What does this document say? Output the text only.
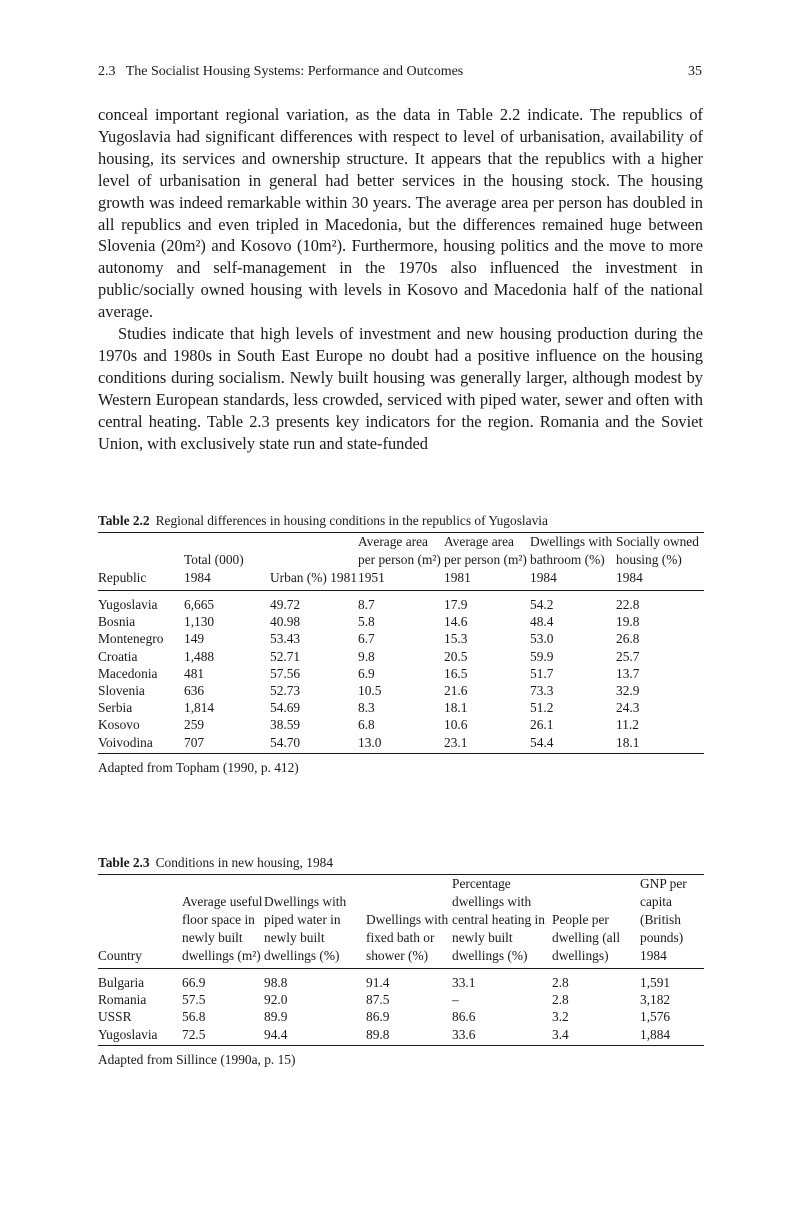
2.3   The Socialist Housing Systems: Performance and Outcomes	35

conceal important regional variation, as the data in Table 2.2 indicate. The republics of Yugoslavia had significant differences with respect to level of urbanisation, availability of housing, its services and ownership structure. It appears that the republics with a higher level of urbanisation in general had better services in the housing stock. The housing growth was indeed remarkable within 30 years. The average area per person has doubled in all republics and even tripled in Macedonia, but the differences remained huge between Slovenia (20m²) and Kosovo (10m²). Furthermore, housing politics and the move to more autonomy and self-management in the 1970s also influenced the investment in public/socially owned housing with levels in Kosovo and Macedonia half of the national average.

Studies indicate that high levels of investment and new housing production during the 1970s and 1980s in South East Europe no doubt had a positive influence on the housing conditions during socialism. Newly built housing was generally larger, although modest by Western European standards, less crowded, serviced with piped water, sewer and often with central heating. Table 2.3 presents key indicators for the region. Romania and the Soviet Union, with exclusively state run and state-funded

Table 2.2 Regional differences in housing conditions in the republics of Yugoslavia
Republic	Total (000) 1984	Urban (%) 1981	Average area per person (m²) 1951	Average area per person (m²) 1981	Dwellings with bathroom (%) 1984	Socially owned housing (%) 1984
Yugoslavia	6,665	49.72	8.7	17.9	54.2	22.8
Bosnia	1,130	40.98	5.8	14.6	48.4	19.8
Montenegro	149	53.43	6.7	15.3	53.0	26.8
Croatia	1,488	52.71	9.8	20.5	59.9	25.7
Macedonia	481	57.56	6.9	16.5	51.7	13.7
Slovenia	636	52.73	10.5	21.6	73.3	32.9
Serbia	1,814	54.69	8.3	18.1	51.2	24.3
Kosovo	259	38.59	6.8	10.6	26.1	11.2
Voivodina	707	54.70	13.0	23.1	54.4	18.1
Adapted from Topham (1990, p. 412)
Table 2.3 Conditions in new housing, 1984
Country	Average useful floor space in newly built dwellings (m²)	Dwellings with piped water in newly built dwellings (%)	Dwellings with fixed bath or shower (%)	Percentage dwellings with central heating in newly built dwellings (%)	People per dwelling (all dwellings)	GNP per capita (British pounds) 1984
Bulgaria	66.9	98.8	91.4	33.1	2.8	1,591
Romania	57.5	92.0	87.5	–	2.8	3,182
USSR	56.8	89.9	86.9	86.6	3.2	1,576
Yugoslavia	72.5	94.4	89.8	33.6	3.4	1,884
Adapted from Sillince (1990a, p. 15)
